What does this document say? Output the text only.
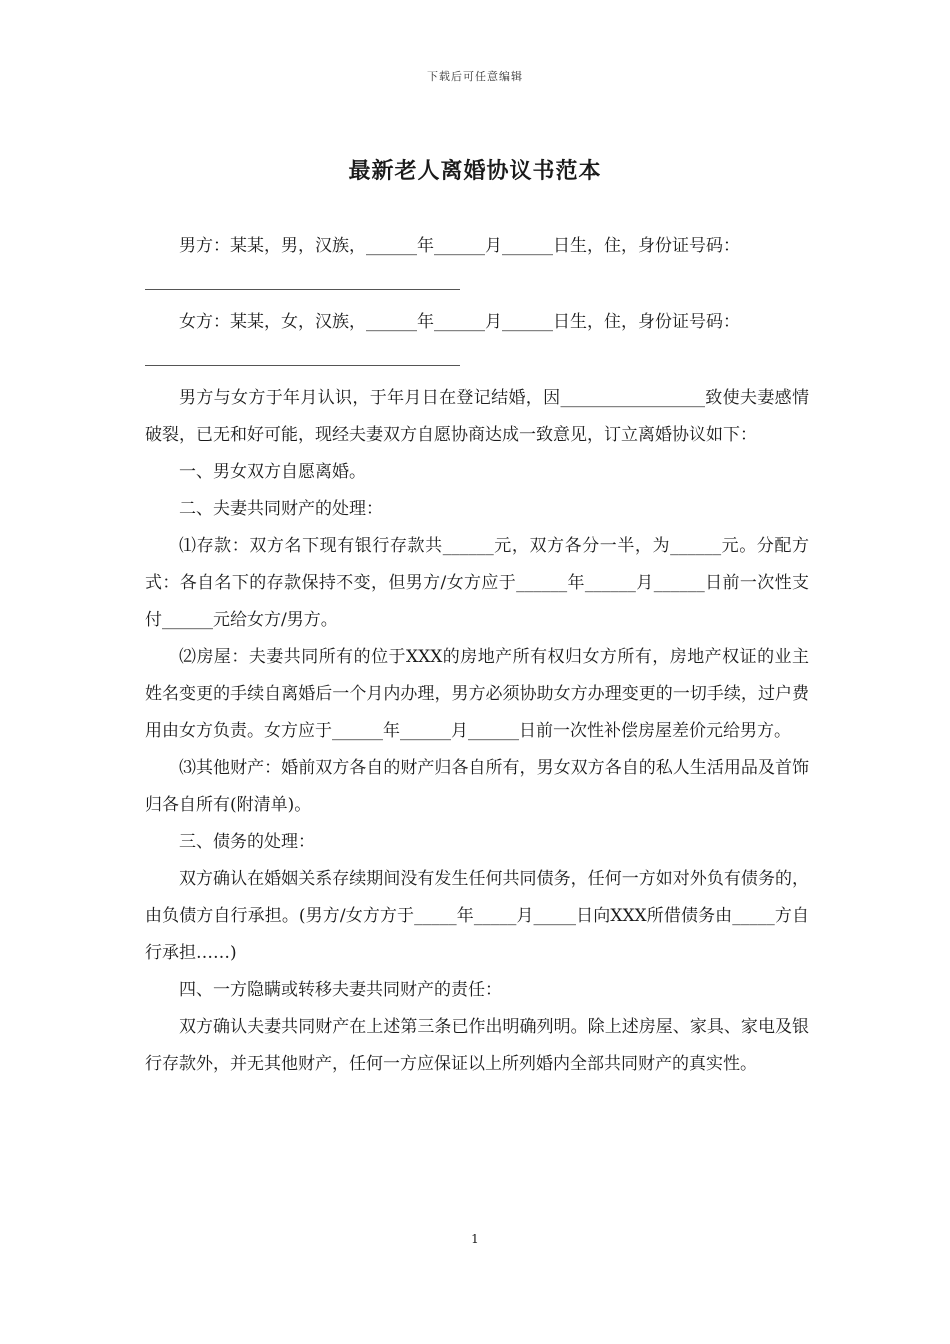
下载后可任意编辑
最新老人离婚协议书范本

男方：某某，男，汉族，______年______月______日生，住，身份证号码：

女方：某某，女，汉族，______年______月______日生，住，身份证号码：

男方与女方于年月认识，于年月日在登记结婚，因_________________致使夫妻感情破裂，已无和好可能，现经夫妻双方自愿协商达成一致意见，订立离婚协议如下：

一、男女双方自愿离婚。

二、夫妻共同财产的处理：

⑴存款：双方名下现有银行存款共______元，双方各分一半，为______元。分配方式：各自名下的存款保持不变，但男方/女方应于______年______月______日前一次性支付______元给女方/男方。

⑵房屋：夫妻共同所有的位于XXX的房地产所有权归女方所有，房地产权证的业主姓名变更的手续自离婚后一个月内办理，男方必须协助女方办理变更的一切手续，过户费用由女方负责。女方应于______年______月______日前一次性补偿房屋差价元给男方。

⑶其他财产：婚前双方各自的财产归各自所有，男女双方各自的私人生活用品及首饰归各自所有(附清单)。

三、债务的处理：

双方确认在婚姻关系存续期间没有发生任何共同债务，任何一方如对外负有债务的，由负债方自行承担。(男方/女方方于_____年_____月_____日向XXX所借债务由_____方自行承担……)

四、一方隐瞒或转移夫妻共同财产的责任：

双方确认夫妻共同财产在上述第三条已作出明确列明。除上述房屋、家具、家电及银行存款外，并无其他财产，任何一方应保证以上所列婚内全部共同财产的真实性。

1
